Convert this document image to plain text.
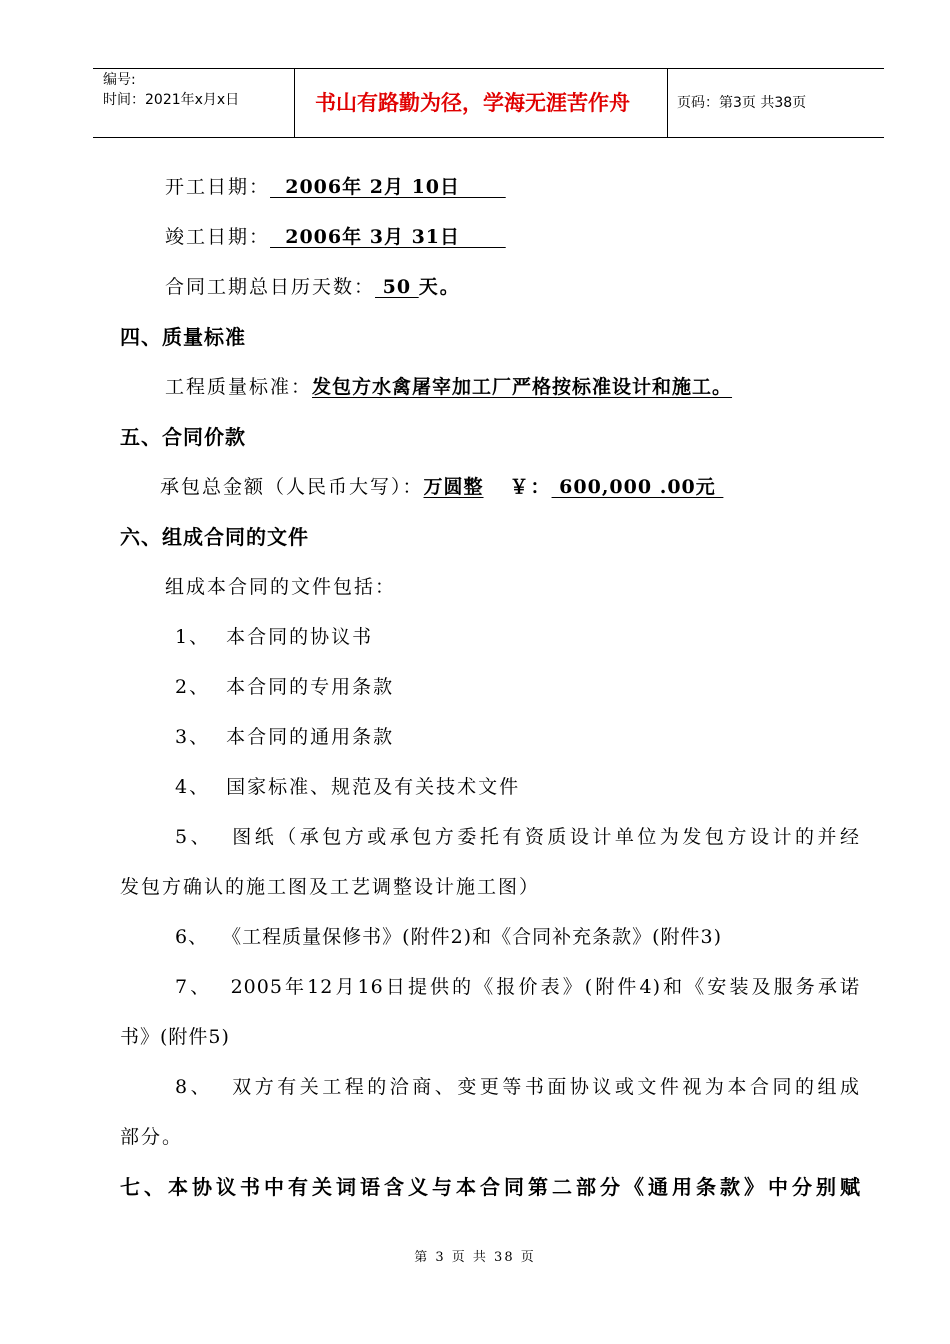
编号:
时间：2021年x月x日	书山有路勤为径，学海无涯苦作舟	页码：第3页 共38页
开工日期：  2006年 2月 10日
竣工日期：  2006年 3月 31日
合同工期总日历天数： 50 天。
四、质量标准
工程质量标准：发包方水禽屠宰加工厂严格按标准设计和施工。
五、合同价款
承包总金额（人民币大写）：万圆整 ￥： 600,000 .00元
六、组成合同的文件
组成本合同的文件包括：
1、  本合同的协议书
2、  本合同的专用条款
3、  本合同的通用条款
4、  国家标准、规范及有关技术文件
5、  图纸（承包方或承包方委托有资质设计单位为发包方设计的并经
发包方确认的施工图及工艺调整设计施工图）
6、  《工程质量保修书》(附件2)和《合同补充条款》(附件3)
7、  2005年12月16日提供的《报价表》(附件4)和《安装及服务承诺
书》(附件5)
8、  双方有关工程的洽商、变更等书面协议或文件视为本合同的组成
部分。
七、本协议书中有关词语含义与本合同第二部分《通用条款》中分别赋
第 3 页 共 38 页
